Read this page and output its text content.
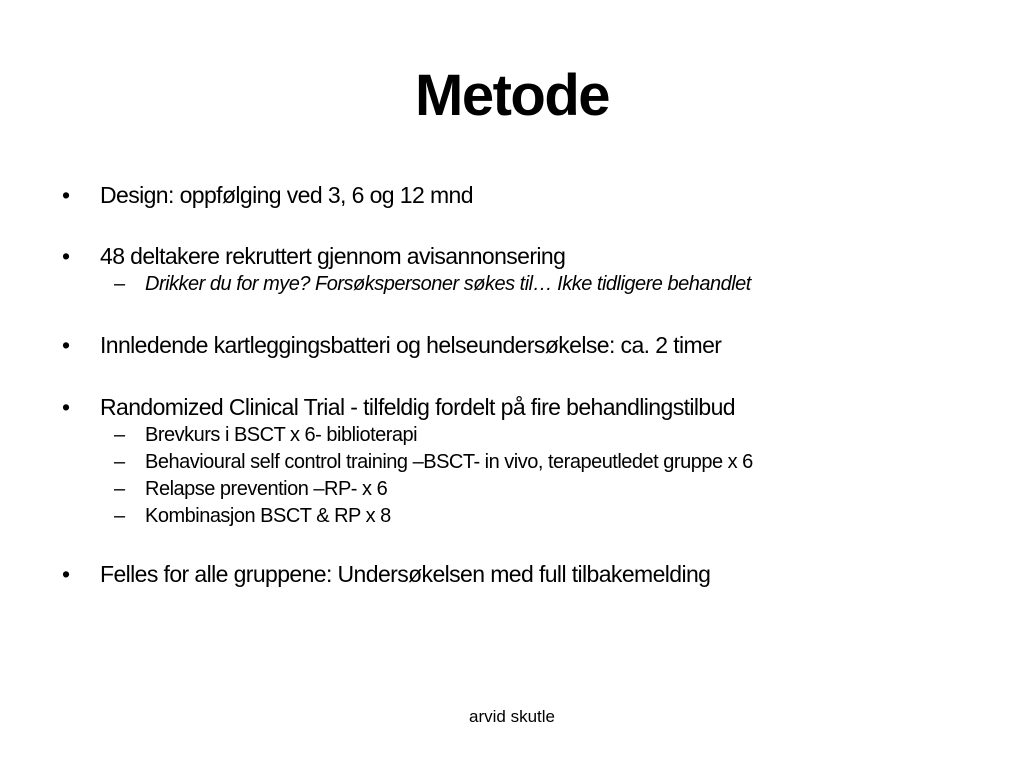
Metode
• Design: oppfølging ved 3, 6 og 12 mnd
• 48 deltakere rekruttert gjennom avisannonsering
– Drikker du for mye? Forsøkspersoner søkes til… Ikke tidligere behandlet
• Innledende kartleggingsbatteri og helseundersøkelse: ca. 2 timer
• Randomized Clinical Trial - tilfeldig fordelt på fire behandlingstilbud
– Brevkurs i BSCT x 6- biblioterapi
– Behavioural self control training –BSCT- in vivo, terapeutledet gruppe x 6
– Relapse prevention –RP- x 6
– Kombinasjon BSCT & RP x 8
• Felles for alle gruppene: Undersøkelsen med full tilbakemelding
arvid skutle
